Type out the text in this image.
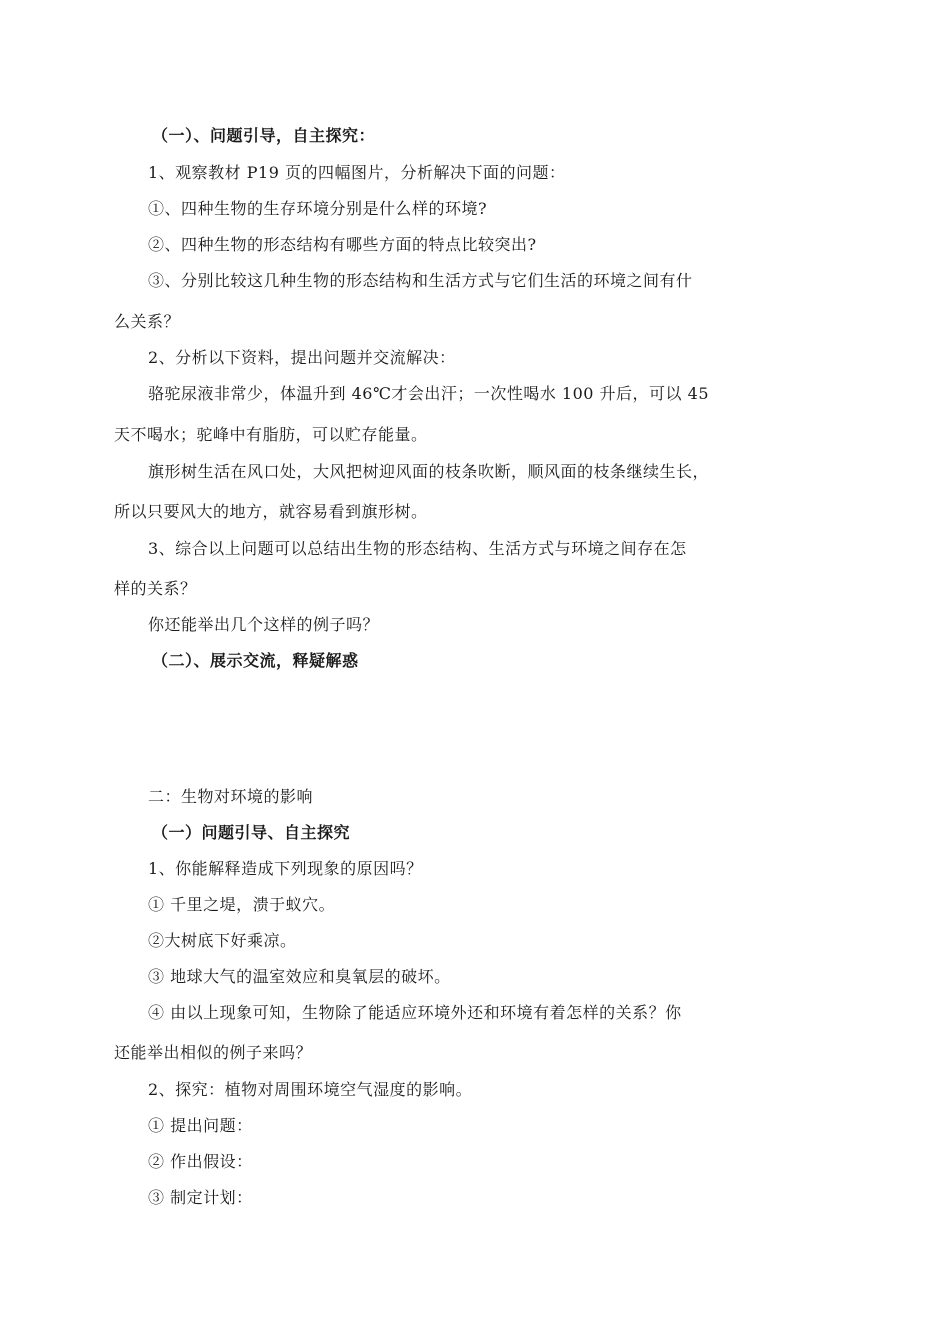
（一）、问题引导，自主探究：
1、观察教材 P19 页的四幅图片，分析解决下面的问题：
①、四种生物的生存环境分别是什么样的环境?
②、四种生物的形态结构有哪些方面的特点比较突出?
③、分别比较这几种生物的形态结构和生活方式与它们生活的环境之间有什
么关系？
2、分析以下资料，提出问题并交流解决：
骆驼尿液非常少，体温升到 46℃才会出汗；一次性喝水 100 升后，可以 45
天不喝水；驼峰中有脂肪，可以贮存能量。
旗形树生活在风口处，大风把树迎风面的枝条吹断，顺风面的枝条继续生长，
所以只要风大的地方，就容易看到旗形树。
3、综合以上问题可以总结出生物的形态结构、生活方式与环境之间存在怎
样的关系？
你还能举出几个这样的例子吗？
（二）、展示交流，释疑解惑
二：生物对环境的影响
（一）问题引导、自主探究
1、你能解释造成下列现象的原因吗？
① 千里之堤，溃于蚁穴。
②大树底下好乘凉。
③ 地球大气的温室效应和臭氧层的破坏。
④ 由以上现象可知，生物除了能适应环境外还和环境有着怎样的关系？你
还能举出相似的例子来吗？
2、探究：植物对周围环境空气湿度的影响。
① 提出问题：
② 作出假设：
③ 制定计划：
